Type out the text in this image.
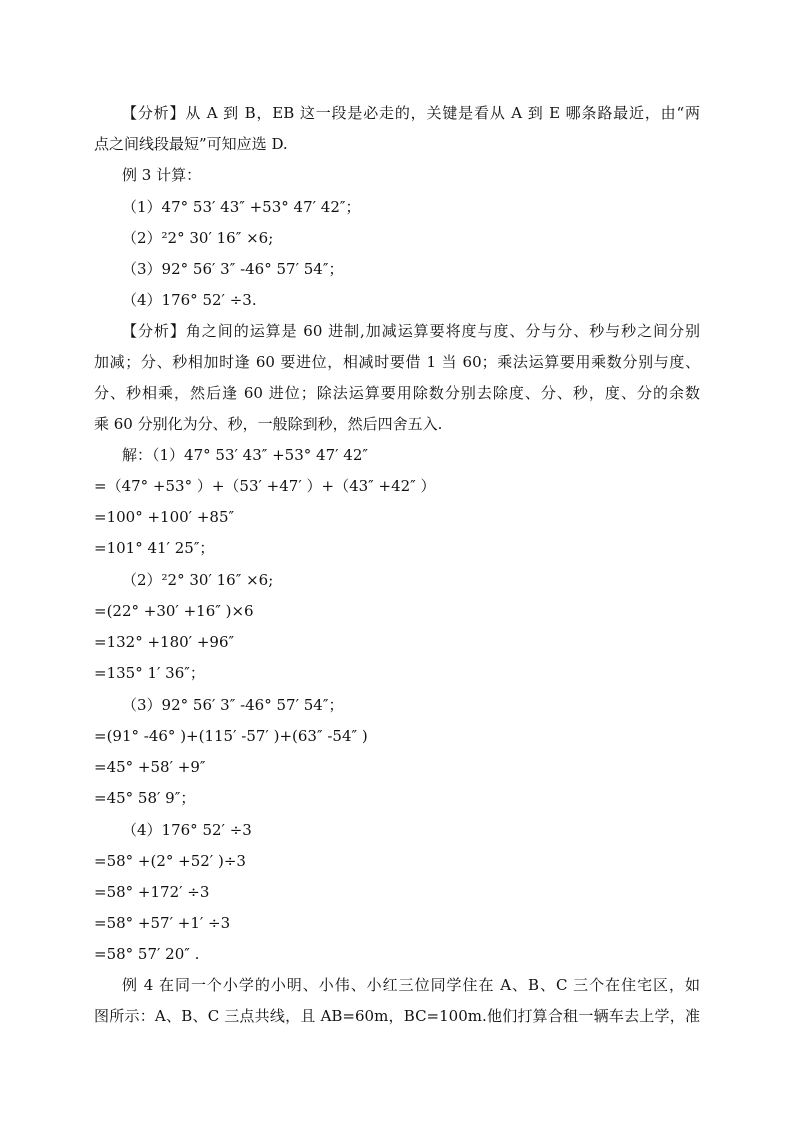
【分析】从 A 到 B，EB 这一段是必走的，关键是看从 A 到 E 哪条路最近，由“两
点之间线段最短”可知应选 D.
例 3 计算：
（1）47° 53′ 43″ +53° 47′ 42″；
（2）²2° 30′ 16″ ×6;
（3）92° 56′ 3″ -46° 57′ 54″；
（4）176° 52′ ÷3.
【分析】角之间的运算是 60 进制,加减运算要将度与度、分与分、秒与秒之间分别
加减；分、秒相加时逢 60 要进位，相减时要借 1 当 60；乘法运算要用乘数分别与度、
分、秒相乘，然后逢 60 进位；除法运算要用除数分别去除度、分、秒，度、分的余数
乘 60 分别化为分、秒，一般除到秒，然后四舍五入.
解：（1）47° 53′ 43″ +53° 47′ 42″
=（47° +53° ）+（53′ +47′ ）+（43″ +42″ ）
=100° +100′ +85″
=101° 41′ 25″；
（2）²2° 30′ 16″ ×6;
=(22° +30′ +16″ )×6
=132° +180′ +96″
=135° 1′ 36″；
（3）92° 56′ 3″ -46° 57′ 54″；
=(91° -46° )+(115′ -57′ )+(63″ -54″ )
=45° +58′ +9″
=45° 58′ 9″；
（4）176° 52′ ÷3
=58° +(2° +52′ )÷3
=58° +172′ ÷3
=58° +57′ +1′ ÷3
=58° 57′ 20″ .
例 4 在同一个小学的小明、小伟、小红三位同学住在 A、B、C 三个在住宅区，如
图所示：A、B、C 三点共线，且 AB=60m，BC=100m.他们打算合租一辆车去上学，准
